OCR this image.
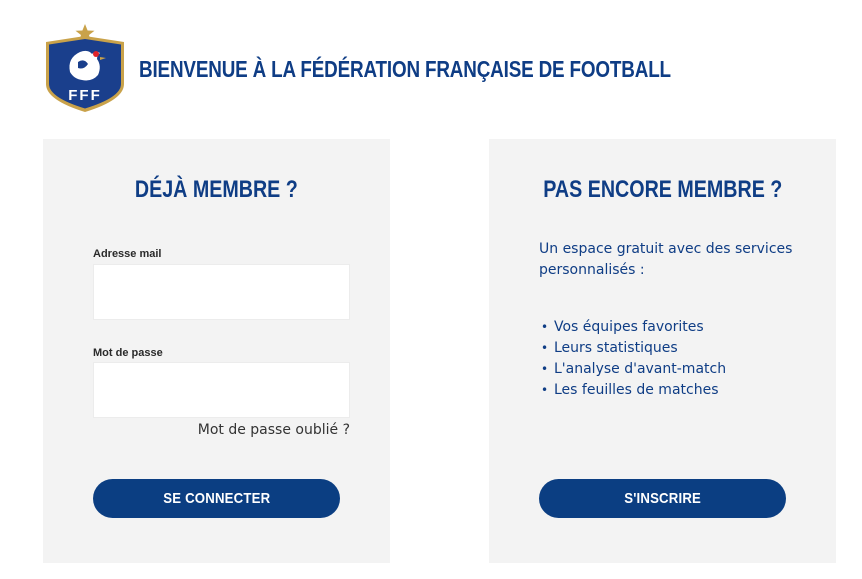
FFF
BIENVENUE À LA FÉDÉRATION FRANÇAISE DE FOOTBALL
DÉJÀ MEMBRE ?
Adresse mail
Mot de passe
Mot de passe oublié ?
SE CONNECTER
PAS ENCORE MEMBRE ?

Un espace gratuit avec des services personnalisés :

• Vos équipes favorites
• Leurs statistiques
• L'analyse d'avant-match
• Les feuilles de matches
S'INSCRIRE
